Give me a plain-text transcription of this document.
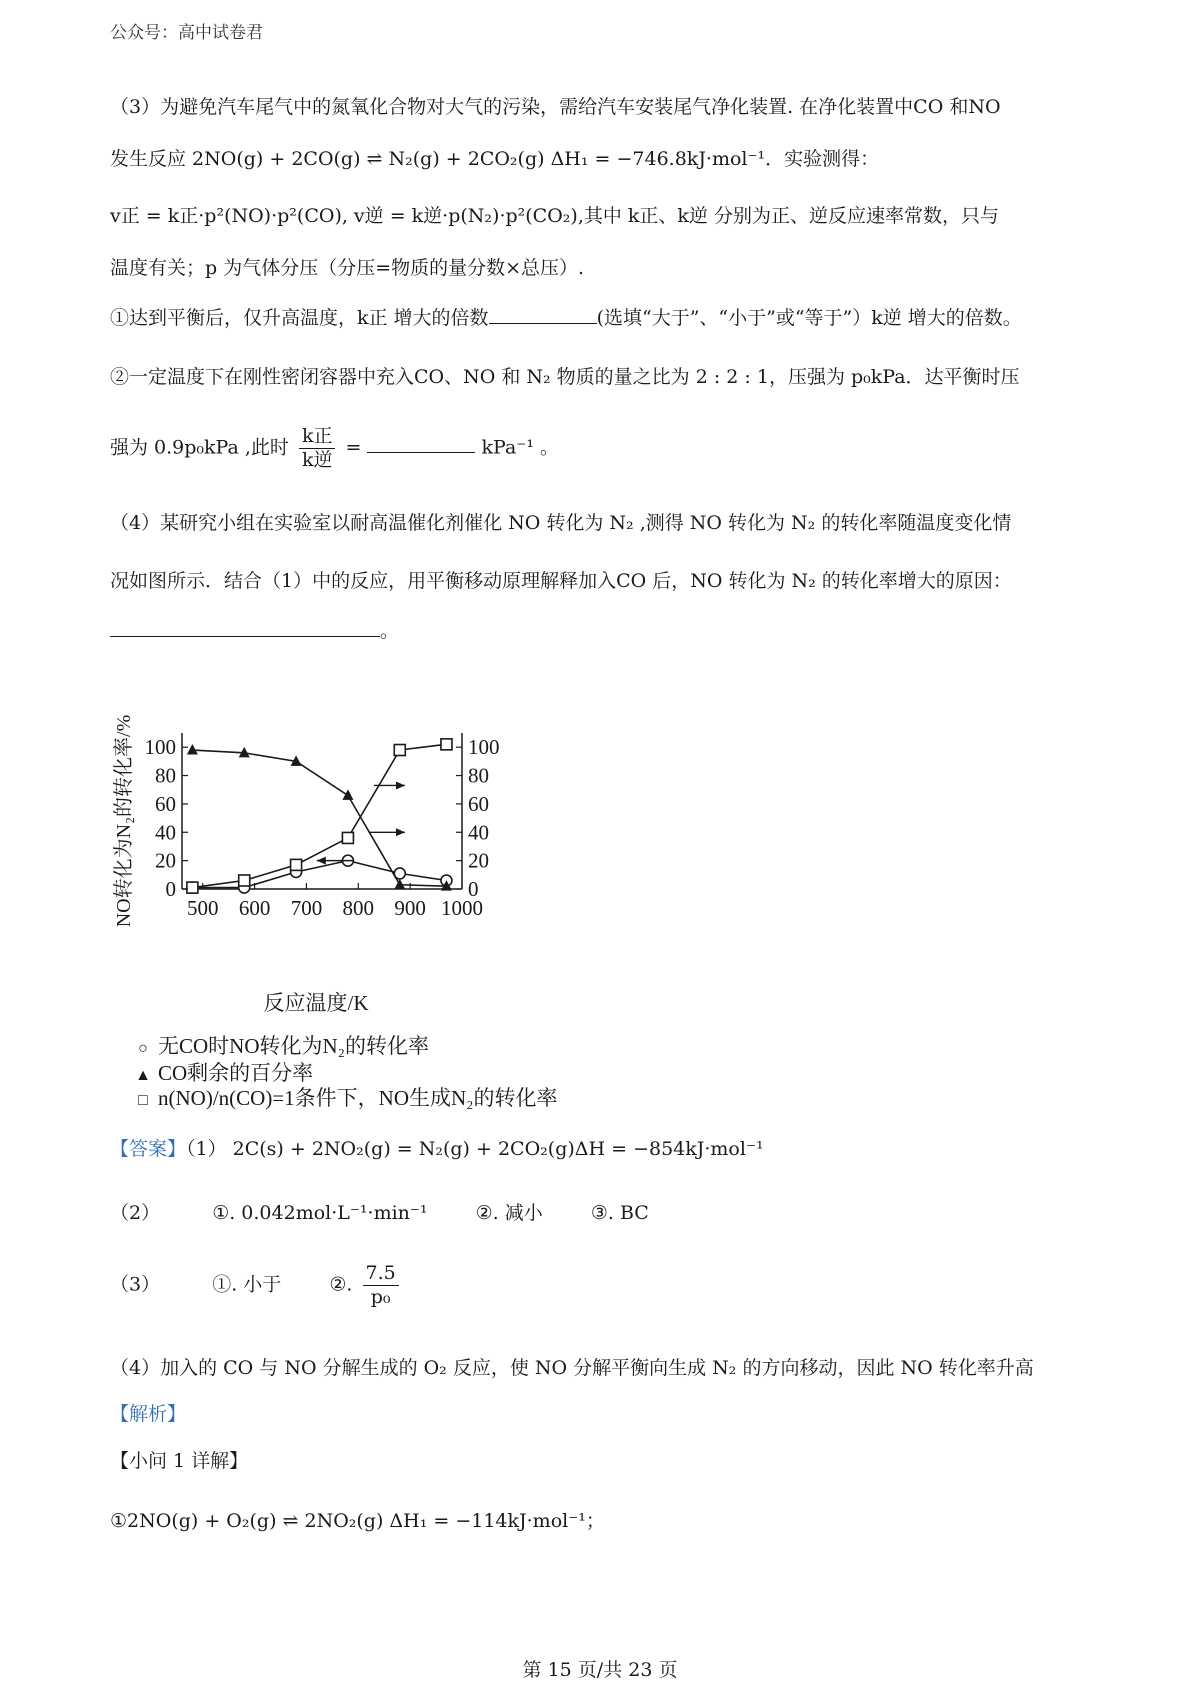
公众号：高中试卷君
（3）为避免汽车尾气中的氮氧化合物对大气的污染，需给汽车安装尾气净化装置. 在净化装置中CO 和NO
发生反应 2NO(g) + 2CO(g) ⇌ N₂(g) + 2CO₂(g) ΔH₁ = −746.8kJ·mol⁻¹．实验测得：
v正 = k正·p²(NO)·p²(CO), v逆 = k逆·p(N₂)·p²(CO₂),其中 k正、k逆 分别为正、逆反应速率常数，只与
温度有关；p 为气体分压（分压=物质的量分数×总压）.
①达到平衡后，仅升高温度，k正 增大的倍数	(选填“大于”、“小于”或“等于”）k逆 增大的倍数。
②一定温度下在刚性密闭容器中充入CO、NO 和 N₂ 物质的量之比为 2 : 2 : 1，压强为 p₀kPa．达平衡时压
强为 0.9p₀kPa ,此时 $\frac{\text{k正}}{\text{k逆}}$ =	kPa⁻¹ 。
（4）某研究小组在实验室以耐高温催化剂催化 NO 转化为 N₂ ,测得 NO 转化为 N₂ 的转化率随温度变化情
况如图所示．结合（1）中的反应，用平衡移动原理解释加入CO 后，NO 转化为 N₂ 的转化率增大的原因：
。
0	0
20	20
40	40
60	60
80	80
100	100
500 600 700 800 900 1000
NO转化为N₂的转化率/%
反应温度/K
○ 无CO时NO转化为N₂的转化率
▲ CO剩余的百分率
□ n(NO)/n(CO)=1条件下，NO生成N₂的转化率
【答案】（1） 2C(s) + 2NO₂(g) = N₂(g) + 2CO₂(g)ΔH = −854kJ·mol⁻¹
（2）	①. 0.042mol·L⁻¹·min⁻¹	②. 减小	③. BC
（3）	①. 小于	②. $\frac{7.5}{\text{p₀}}$
（4）加入的 CO 与 NO 分解生成的 O₂ 反应，使 NO 分解平衡向生成 N₂ 的方向移动，因此 NO 转化率升高
【解析】
【小问 1 详解】
①2NO(g) + O₂(g) ⇌ 2NO₂(g) ΔH₁ = −114kJ·mol⁻¹；
第 15 页/共 23 页
